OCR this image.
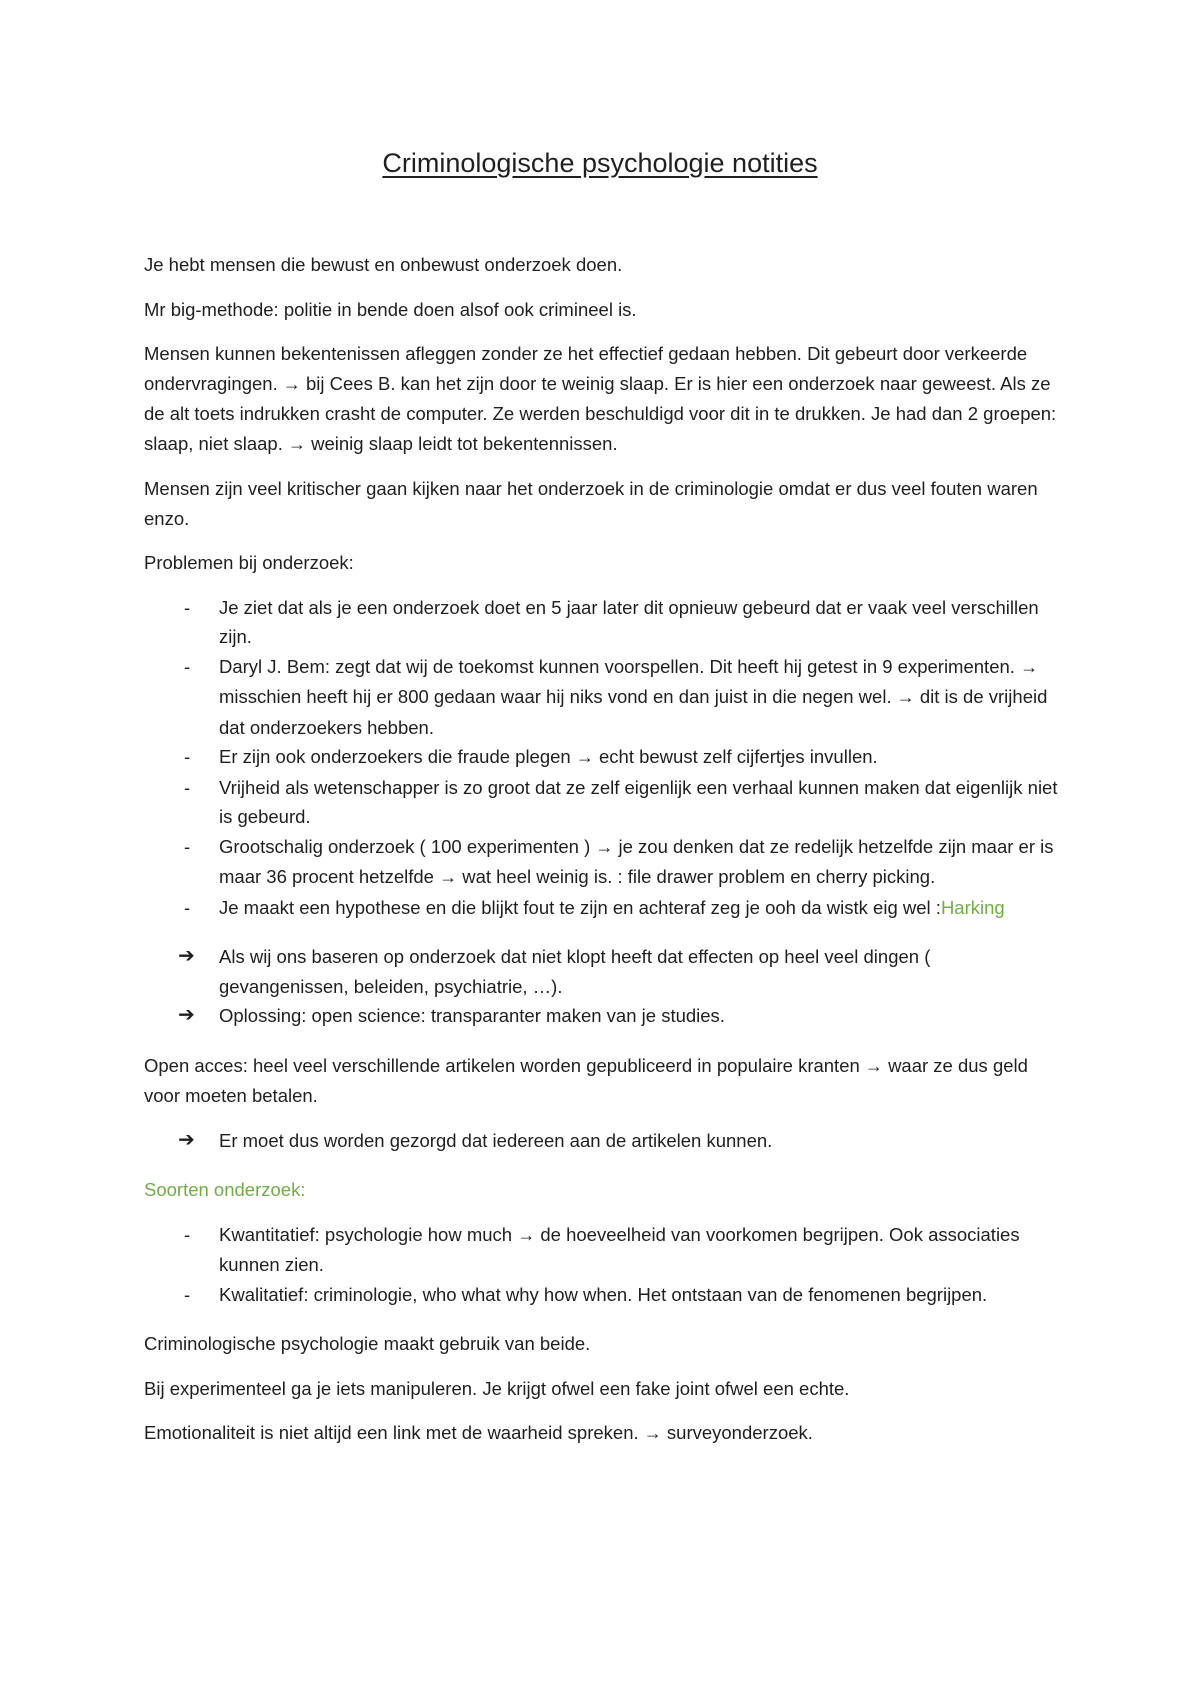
Criminologische psychologie notities

Je hebt mensen die bewust en onbewust onderzoek doen.

Mr big-methode: politie in bende doen alsof ook crimineel is.

Mensen kunnen bekentenissen afleggen zonder ze het effectief gedaan hebben. Dit gebeurt door verkeerde ondervragingen. → bij Cees B. kan het zijn door te weinig slaap. Er is hier een onderzoek naar geweest. Als ze de alt toets indrukken crasht de computer. Ze werden beschuldigd voor dit in te drukken. Je had dan 2 groepen: slaap, niet slaap. → weinig slaap leidt tot bekentennissen.

Mensen zijn veel kritischer gaan kijken naar het onderzoek in de criminologie omdat er dus veel fouten waren enzo.

Problemen bij onderzoek:

-	Je ziet dat als je een onderzoek doet en 5 jaar later dit opnieuw gebeurd dat er vaak veel verschillen zijn.
-	Daryl J. Bem: zegt dat wij de toekomst kunnen voorspellen. Dit heeft hij getest in 9 experimenten. → misschien heeft hij er 800 gedaan waar hij niks vond en dan juist in die negen wel. → dit is de vrijheid dat onderzoekers hebben.
-	Er zijn ook onderzoekers die fraude plegen → echt bewust zelf cijfertjes invullen.
-	Vrijheid als wetenschapper is zo groot dat ze zelf eigenlijk een verhaal kunnen maken dat eigenlijk niet is gebeurd.
-	Grootschalig onderzoek ( 100 experimenten ) → je zou denken dat ze redelijk hetzelfde zijn maar er is maar 36 procent hetzelfde → wat heel weinig is. : file drawer problem en cherry picking.
-	Je maakt een hypothese en die blijkt fout te zijn en achteraf zeg je ooh da wistk eig wel :Harking
➔	Als wij ons baseren op onderzoek dat niet klopt heeft dat effecten op heel veel dingen ( gevangenissen, beleiden, psychiatrie, …).
➔	Oplossing: open science: transparanter maken van je studies.

Open acces: heel veel verschillende artikelen worden gepubliceerd in populaire kranten → waar ze dus geld voor moeten betalen.

➔	Er moet dus worden gezorgd dat iedereen aan de artikelen kunnen.

Soorten onderzoek:

-	Kwantitatief: psychologie how much → de hoeveelheid van voorkomen begrijpen. Ook associaties kunnen zien.
-	Kwalitatief: criminologie, who what why how when. Het ontstaan van de fenomenen begrijpen.

Criminologische psychologie maakt gebruik van beide.

Bij experimenteel ga je iets manipuleren. Je krijgt ofwel een fake joint ofwel een echte.

Emotionaliteit is niet altijd een link met de waarheid spreken. → surveyonderzoek.
